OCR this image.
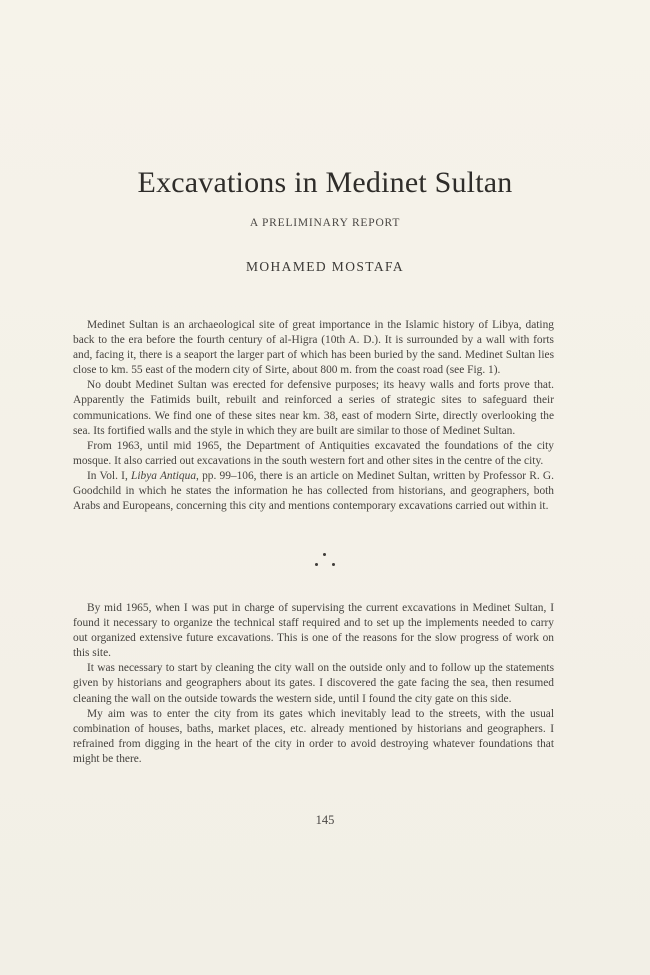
Excavations in Medinet Sultan
A PRELIMINARY REPORT
MOHAMED MOSTAFA

Medinet Sultan is an archaeological site of great importance in the Islamic history of Libya, dating back to the era before the fourth century of al-Higra (10th A. D.). It is surrounded by a wall with forts and, facing it, there is a seaport the larger part of which has been buried by the sand. Medinet Sultan lies close to km. 55 east of the modern city of Sirte, about 800 m. from the coast road (see Fig. 1).

No doubt Medinet Sultan was erected for defensive purposes; its heavy walls and forts prove that. Apparently the Fatimids built, rebuilt and reinforced a series of strategic sites to safeguard their communications. We find one of these sites near km. 38, east of modern Sirte, directly overlooking the sea. Its fortified walls and the style in which they are built are similar to those of Medinet Sultan.

From 1963, until mid 1965, the Department of Antiquities excavated the foundations of the city mosque. It also carried out excavations in the south western fort and other sites in the centre of the city.

In Vol. I, Libya Antiqua, pp. 99–106, there is an article on Medinet Sultan, written by Professor R. G. Goodchild in which he states the information he has collected from historians, and geographers, both Arabs and Europeans, concerning this city and mentions contemporary excavations carried out within it.

By mid 1965, when I was put in charge of supervising the current excavations in Medinet Sultan, I found it necessary to organize the technical staff required and to set up the implements needed to carry out organized extensive future excavations. This is one of the reasons for the slow progress of work on this site.

It was necessary to start by cleaning the city wall on the outside only and to follow up the statements given by historians and geographers about its gates. I discovered the gate facing the sea, then resumed cleaning the wall on the outside towards the western side, until I found the city gate on this side.

My aim was to enter the city from its gates which inevitably lead to the streets, with the usual combination of houses, baths, market places, etc. already mentioned by historians and geographers. I refrained from digging in the heart of the city in order to avoid destroying whatever foundations that might be there.

145
